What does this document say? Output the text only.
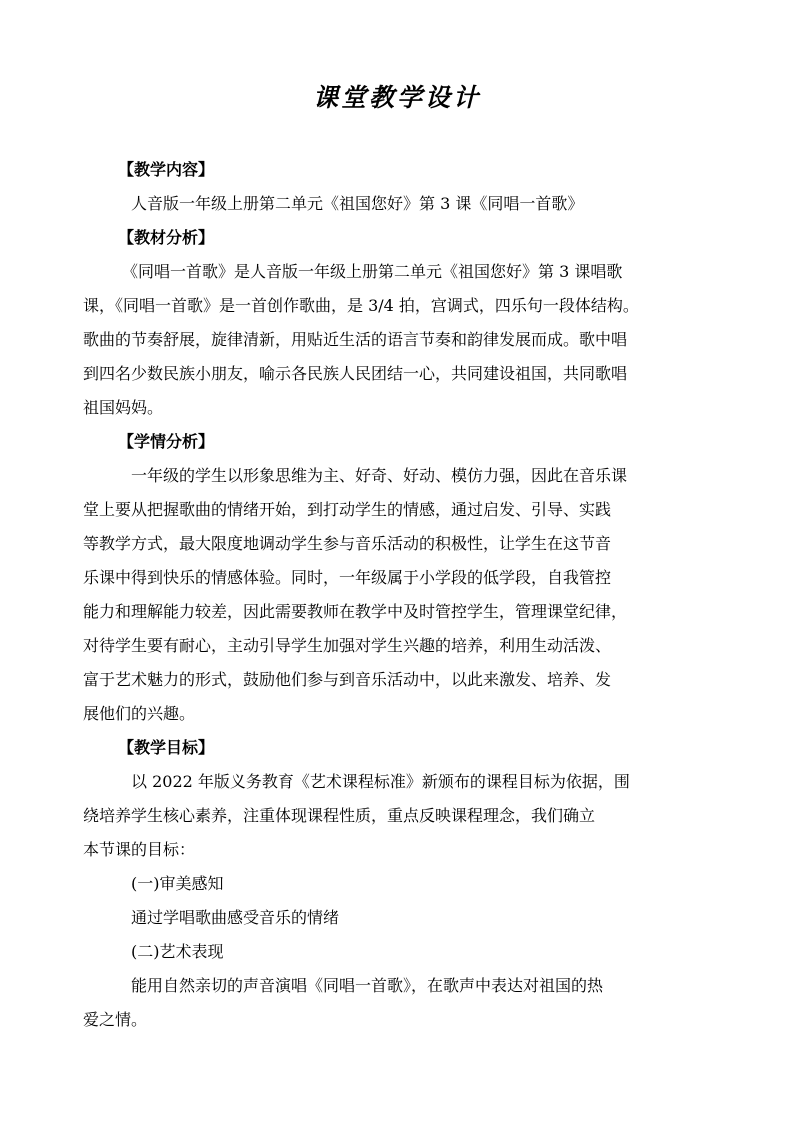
课堂教学设计
【教学内容】
人音版一年级上册第二单元《祖国您好》第 3 课《同唱一首歌》
【教材分析】
《同唱一首歌》是人音版一年级上册第二单元《祖国您好》第 3 课唱歌
课，《同唱一首歌》是一首创作歌曲，是 3/4 拍，宫调式，四乐句一段体结构。
歌曲的节奏舒展，旋律清新，用贴近生活的语言节奏和韵律发展而成。歌中唱
到四名少数民族小朋友，喻示各民族人民团结一心，共同建设祖国，共同歌唱
祖国妈妈。
【学情分析】
一年级的学生以形象思维为主、好奇、好动、模仿力强，因此在音乐课
堂上要从把握歌曲的情绪开始，到打动学生的情感，通过启发、引导、实践
等教学方式，最大限度地调动学生参与音乐活动的积极性，让学生在这节音
乐课中得到快乐的情感体验。同时，一年级属于小学段的低学段，自我管控
能力和理解能力较差，因此需要教师在教学中及时管控学生，管理课堂纪律，
对待学生要有耐心，主动引导学生加强对学生兴趣的培养，利用生动活泼、
富于艺术魅力的形式，鼓励他们参与到音乐活动中，以此来激发、培养、发
展他们的兴趣。
【教学目标】
以 2022 年版义务教育《艺术课程标准》新颁布的课程目标为依据，围
绕培养学生核心素养，注重体现课程性质，重点反映课程理念，我们确立
本节课的目标：
(一)审美感知
通过学唱歌曲感受音乐的情绪
(二)艺术表现
能用自然亲切的声音演唱《同唱一首歌》，在歌声中表达对祖国的热
爱之情。
